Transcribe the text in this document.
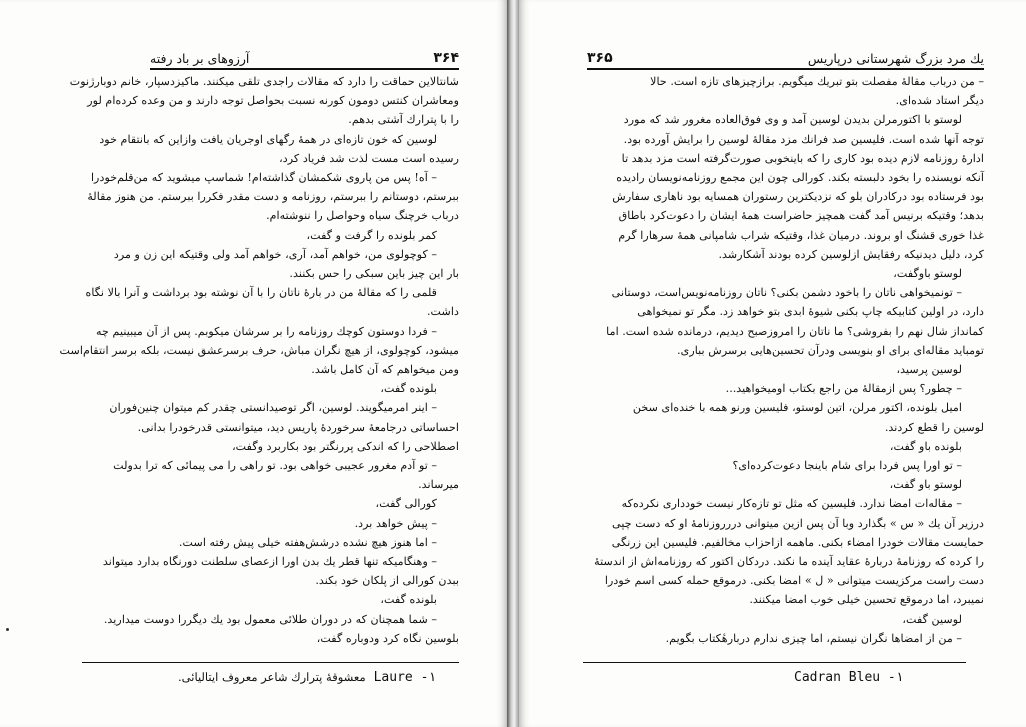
آرزوهای بر باد رفته	۳۶۴

شانتالاین حماقت را دارد که مقالات راجدی تلقی میکنند. ماکیزدسپار، خانم دوبارژنوت

ومعاشران کنتس دومون کورنه نسبت بحواصل توجه دارند و من وعده کرده‌ام لور

را با پترارك آشتی بدهم.

لوسین که خون تازه‌ای در همهٔ رگهای اوجریان یافت وازاین که بانتقام خود

رسیده است مست لذت شد فریاد کرد،

– آه! پس من پاروی شکمشان گذاشته‌ام! شماسپ میشوید که من‌قلم‌خودرا

ببرستم، دوستانم را ببرستم، روزنامه و دست مقدر فکررا ببرستم. من هنوز مقالهٔ

درباب خرچنگ سیاه وحواصل را ننوشته‌ام.

کمر بلونده را گرفت و گفت،

– کوچولوی من، خواهم آمد، آری، خواهم آمد ولی وقتیکه این زن و مرد

بار این چیز باین سبکی را حس بکنند.

قلمی را که مقالهٔ من در بارهٔ ناتان را با آن نوشته بود برداشت و آنرا بالا نگاه

داشت.

– فردا دوستون کوچك روزنامه را بر سرشان میکوبم. پس از آن میبینیم چه

میشود، کوچولوی، از هیچ نگران مباش، حرف برسرعشق نیست، بلکه برسر انتقام‌است

ومن میخواهم که آن کامل باشد.

بلونده گفت،

– اینر امرمیگویند. لوسین، اگر توصیدانستی چقدر کم میتوان چنین‌فوران

احساساتی درجامعهٔ سرخوردهٔ پاریس دید، میتوانستی قدرخودرا بدانی.

اصطلاحی را که اندکی پررنگتر بود بکاربرد وگفت،

– تو آدم مغرور عجیبی خواهی بود. تو راهی را می پیمائی که ترا بدولت

میرساند.

کورالی گفت،

– پیش خواهد برد.

– اما هنوز هیچ نشده درشش‌هفته خیلی پیش رفته است.

– وهنگامیکه تنها قطر یك بدن اورا ازعصای سلطنت دورنگاه بدارد میتواند

ببدن کورالی از پلکان خود بکند.

بلونده گفت،

– شما همچنان که در دوران طلائی معمول بود یك دیگررا دوست میدارید.

بلوسین نگاه کرد ودوباره گفت،

معشوقهٔ پترارك شاعر معروف ایتالیائی. Laure -۱
۳۶۵	یك مرد بزرگ شهرستانی درپاریس

– من درباب مقالهٔ مفصلت بتو تبریك میگویم. برازچیزهای تازه است. حالا

دیگر استاد شده‌ای.

لوستو با اکتورمرلن بدیدن لوسین آمد و وی فوق‌العاده مغرور شد که مورد

توجه آنها شده است. فلیسین صد فرانك مزد مقالهٔ لوسین را برایش آورده بود.

ادارهٔ روزنامه لازم دیده بود کاری را که باینخوبی صورت‌گرفته است مزد بدهد تا

آنکه نویسنده را بخود دلبسته بکند. کورالی چون این مجمع روزنامه‌نویسان رادیده

بود فرستاده بود درکادران بلو که نزدیکترین رستوران همسایه بود ناهاری سفارش

بدهد؛ وقتیکه برنیس آمد گفت همچیز حاضراست همهٔ ایشان را دعوت‌کرد باطاق

غذا خوری قشنگ او بروند. درمیان غذا، وقتیکه شراب شامپانی همهٔ سرهارا گرم

کرد، دلیل دیدنیکه رفقایش ازلوسین کرده بودند آشکارشد.

لوستو باوگفت،

– تونمیخواهی ناتان را باخود دشمن بکنی؟ ناتان روزنامه‌نویس‌است، دوستانی

دارد، در اولین کتابیکه چاپ بکنی شیوهٔ ابدی بتو خواهد زد. مگر تو نمیخواهی

کمانداز شال نهم را بفروشی؟ ما ناتان را امروزصبح دیدیم، درمانده شده است. اما

تومباید مقاله‌ای برای او بنویسی ودرآن تحسین‌هایی برسرش بباری.

لوسین پرسید،

– چطور؟ پس ازمقالهٔ من راجع بکتاب اومیخواهید...

امیل بلونده، اکتور مرلن، اتین لوستو، فلیسین ورنو همه با خنده‌ای سخن

لوسین را قطع کردند.

بلونده باو گفت،

– تو اورا پس فردا برای شام باینجا دعوت‌کرده‌ای؟

لوستو باو گفت،

– مقاله‌ات امضا ندارد. فلیسین که مثل تو تازه‌کار نیست خودداری نکرده‌که

درزیر آن یك « س » بگذارد وبا آن پس ازین میتوانی دررروزنامهٔ او که دست چپی

حمایست مقالات خودرا امضاء بکنی. ماهمه ازاحزاب مخالفیم. فلیسین این زرنگی

را کرده که روزنامهٔ دربارهٔ عقاید آینده ما نکند. دردکان اکتور که روزنامه‌اش از اندستهٔ

دست راست مرکزیست میتوانی « ل » امضا بکنی. درموقع حمله کسی اسم خودرا

نمیبرد، اما درموقع تحسین خیلی خوب امضا میکنند.

لوسین گفت،

– من از امضاها نگران نیستم، اما چیزی ندارم دربارهٔکتاب بگویم.

Cadran Bleu -۱
